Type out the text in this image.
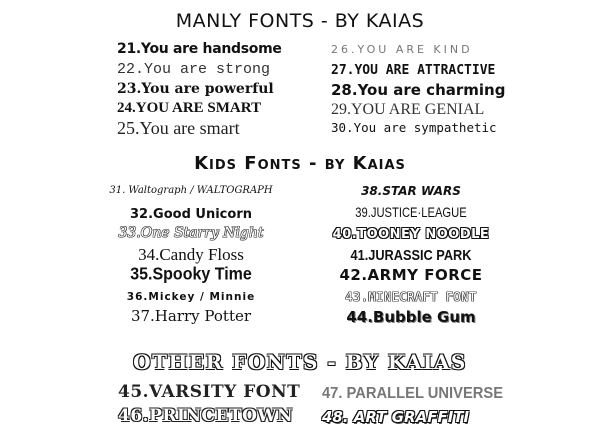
MANLY FONTS - BY KAIAS
21.You are handsome
22.You are strong
23.You are powerful
24.YOU ARE SMART
25.You are smart
26.YOU ARE KIND
27.YOU ARE ATTRACTIVE
28.You are charming
29.YOU ARE GENIAL
30.You are sympathetic
Kids Fonts - by Kaias
31. Waltograph / WALTOGRAPH
32.Good Unicorn
33.One Starry Night
34.Candy Floss
35.Spooky Time
36.Mickey / Minnie
37.Harry Potter
38.STAR WARS
39.JUSTICE·LEAGUE
40.TOONEY NOODLE
41.JURASSIC PARK
42.ARMY FORCE
43.MINECRAFT FONT
44.Bubble Gum
OTHER FONTS - BY KAIAS
45.VARSITY FONT
46.PRINCETOWN
47. PARALLEL UNIVERSE
48. ART GRAFFITI
